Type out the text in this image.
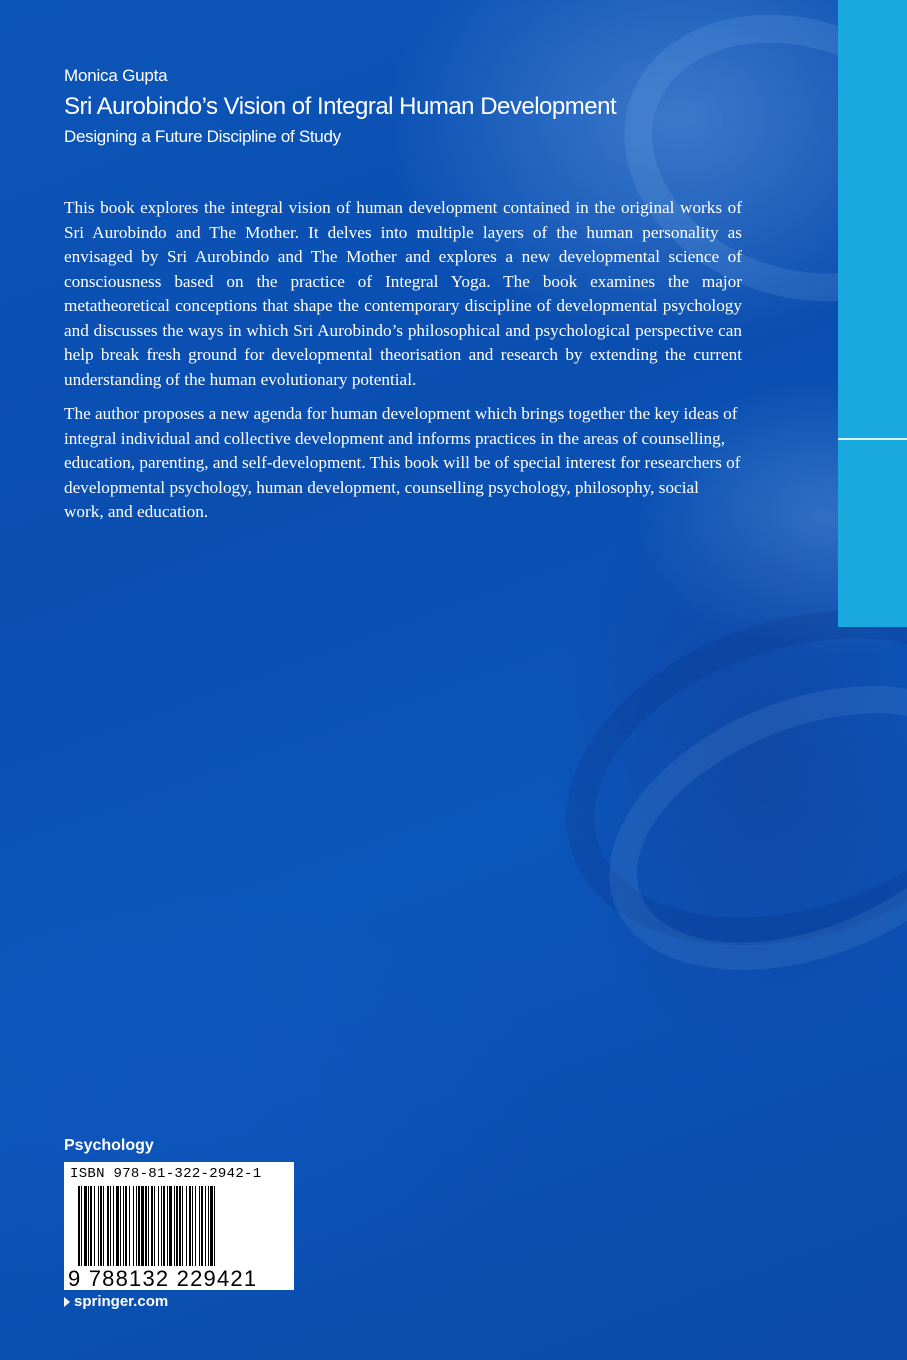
Monica Gupta

Sri Aurobindo’s Vision of Integral Human Development

Designing a Future Discipline of Study

This book explores the integral vision of human development contained in the original works of Sri Aurobindo and The Mother. It delves into multiple layers of the human personality as envisaged by Sri Aurobindo and The Mother and explores a new developmental science of consciousness based on the practice of Integral Yoga. The book examines the major metatheoretical conceptions that shape the contemporary discipline of developmental psychology and discusses the ways in which Sri Aurobindo’s philosophical and psychological perspective can help break fresh ground for developmental theorisation and research by extending the current understanding of the human evolutionary potential.

The author proposes a new agenda for human development which brings together the key ideas of integral individual and collective development and informs practices in the areas of counselling, education, parenting, and self-development. This book will be of special interest for researchers of developmental psychology, human development, counselling psychology, philosophy, social work, and education.

Psychology

ISBN 978-81-322-2942-1

9 788132 229421

springer.com
